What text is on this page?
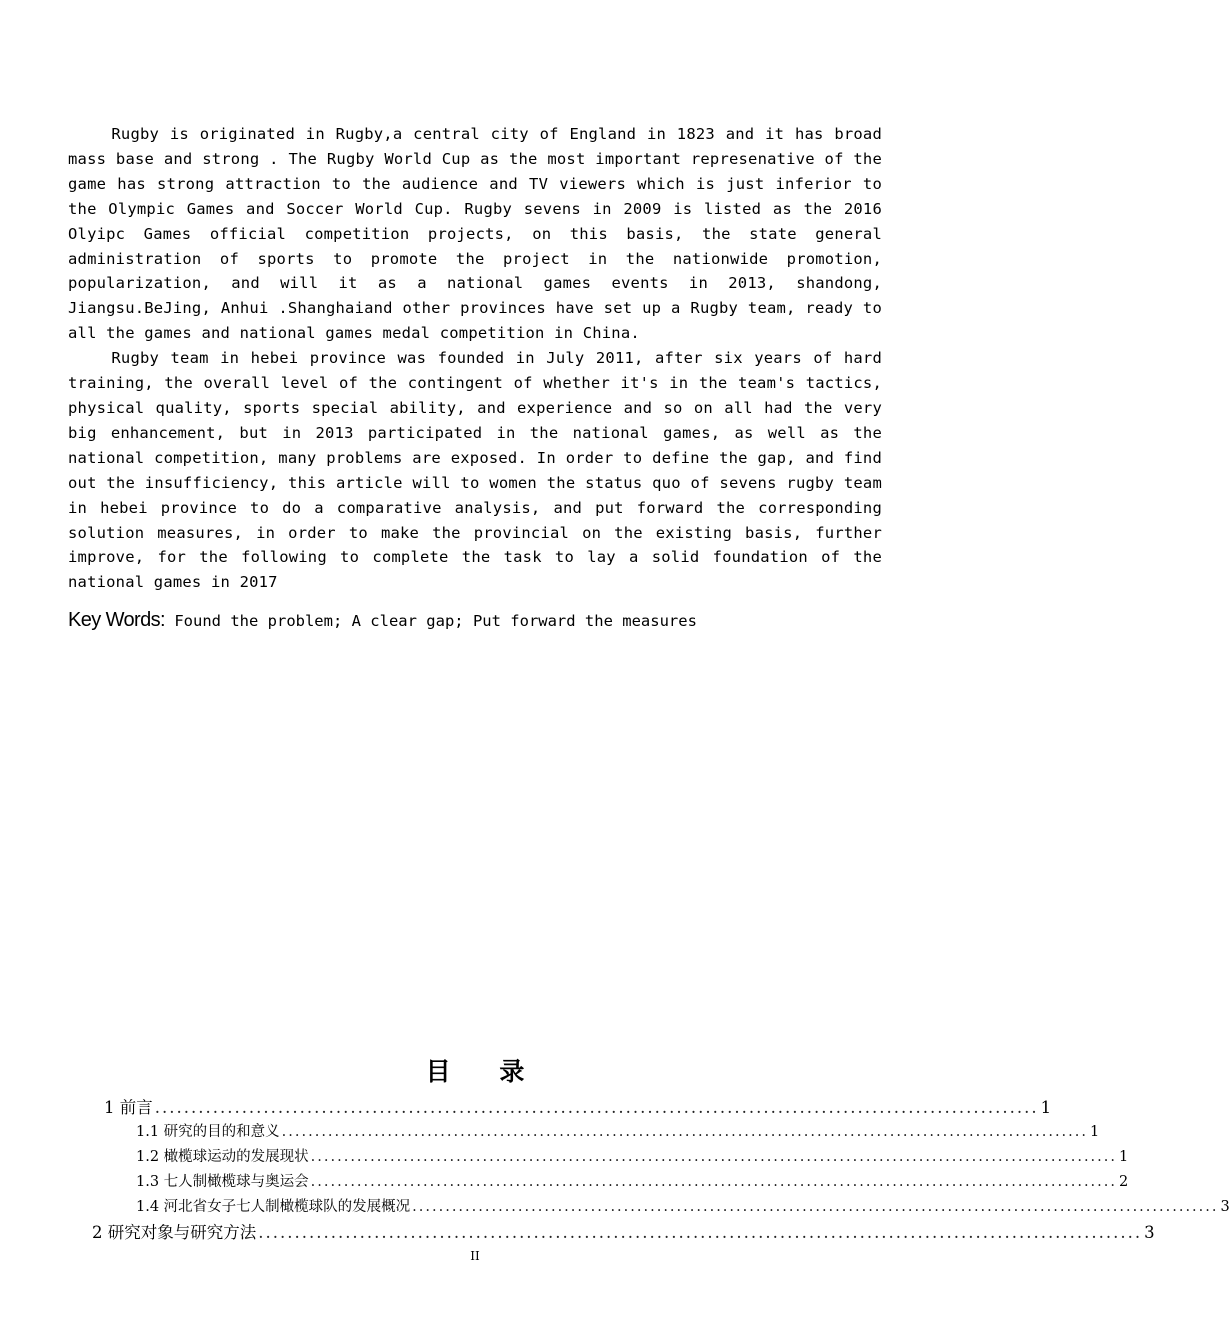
Rugby is originated in Rugby,a central city of England in 1823 and it has broad mass base and strong . The Rugby World Cup as the most important represenative of the game has strong attraction to the audience and TV viewers which is just inferior to the Olympic Games and Soccer World Cup. Rugby sevens in 2009 is listed as the 2016 Olyipc Games official competition projects, on this basis, the state general administration of sports to promote the project in the nationwide promotion, popularization, and will it as a national games events in 2013, shandong, Jiangsu.BeJing, Anhui .Shanghaiand other provinces have set up a Rugby team, ready to all the games and national games medal competition in China.

Rugby team in hebei province was founded in July 2011, after six years of hard training, the overall level of the contingent of whether it's in the team's tactics, physical quality, sports special ability, and experience and so on all had the very big enhancement, but in 2013 participated in the national games, as well as the national competition, many problems are exposed. In order to define the gap, and find out the insufficiency, this article will to women the status quo of sevens rugby team in hebei province to do a comparative analysis, and put forward the corresponding solution measures, in order to make the provincial on the existing basis, further improve, for the following to complete the task to lay a solid foundation of the national games in 2017

Key Words: Found the problem; A clear gap; Put forward the measures
目 录
1 前言 .......................................................................................................................... 1
1.1 研究的目的和意义 .......................................................................................................................... 1
1.2 橄榄球运动的发展现状 .......................................................................................................................... 1
1.3 七人制橄榄球与奥运会 .......................................................................................................................... 2
1.4 河北省女子七人制橄榄球队的发展概况 .......................................................................................................................... 3
2 研究对象与研究方法 .......................................................................................................................... 3
II
